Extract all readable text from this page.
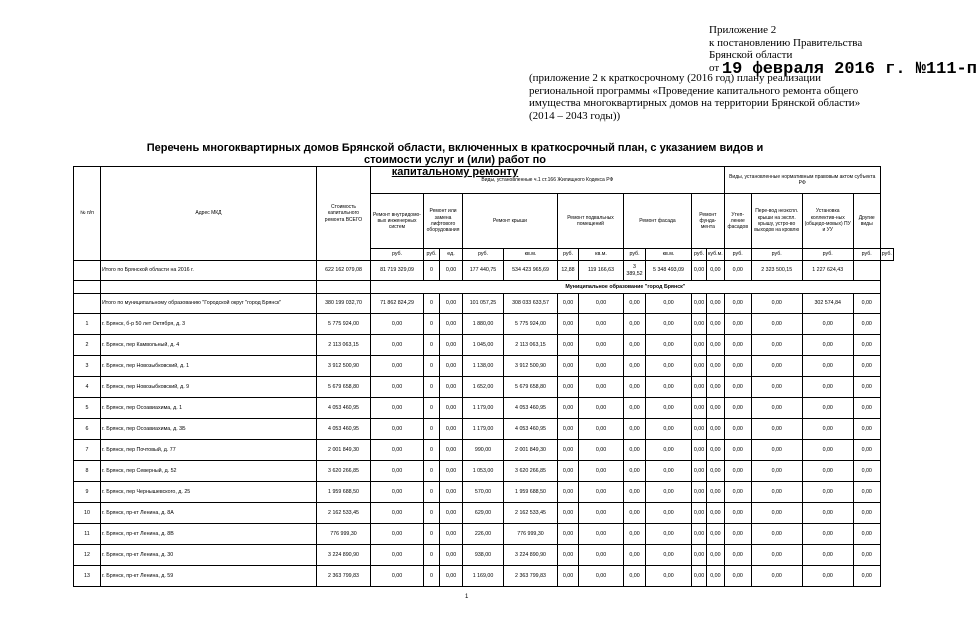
Приложение 2
к постановлению Правительства
Брянской области
от 19 февраля 2016 г. №111-п
(приложение 2 к краткосрочному (2016 год) плану реализации
региональной программы «Проведение капитального ремонта общего
имущества многоквартирных домов на территории Брянской области»
(2014 – 2043 годы))
Перечень многоквартирных домов Брянской области, включенных в краткосрочный план, с указанием видов и стоимости услуг и (или) работ по
капитальному ремонту
№ п/п	Адрес МКД	Стоимость капитального ремонта ВСЕГО	Виды, установленные ч.1 ст.166 Жилищного Кодекса РФ											Виды, установленные нормативным правовым актом субъекта РФ				
			Ремонт внутридомо-вых инженерных систем	Ремонт или замена лифтового оборудования		Ремонт крыши		Ремонт подвальных помещений		Ремонт фасада		Ремонт фунда-мента		Утеп-ление фасадов	Пере-вод неэкспл. крыши на экспл. крышу, устро-во выходов на кровлю	Установка коллектив-ных (общедо-мовых) ПУ и УУ	Другие виды	
			руб.	руб.	ед.	руб.	кв.м.	руб.	кв.м.	руб.	кв.м.	руб.	куб.м.	руб.	руб.	руб.	руб.	руб.
	Итого по Брянской области на 2016 г.	622 162 079,08	81 719 329,09	0	0,00	177 440,75	534 423 965,69	12,88	119 166,63	3 389,52	5 348 493,09	0,00	0,00	0,00	2 323 500,15	1 227 624,43		
			Муниципальное образование "город Брянск"															
	Итого по муниципальному образованию "Городской округ "город Брянск"	380 199 032,70	71 862 824,29	0	0,00	101 057,25	308 033 633,57	0,00	0,00	0,00	0,00	0,00	0,00	0,00	0,00	302 574,84	0,00	
1	г. Брянск, б-р 50 лет Октября, д. 3	5 775 924,00	0,00	0	0,00	1 880,00	5 775 924,00	0,00	0,00	0,00	0,00	0,00	0,00	0,00	0,00	0,00	0,00	
2	г. Брянск, пер Камвольный, д. 4	2 113 063,15	0,00	0	0,00	1 045,00	2 113 063,15	0,00	0,00	0,00	0,00	0,00	0,00	0,00	0,00	0,00	0,00	
3	г. Брянск, пер Новозыбковский, д. 1	3 912 500,90	0,00	0	0,00	1 138,00	3 912 500,90	0,00	0,00	0,00	0,00	0,00	0,00	0,00	0,00	0,00	0,00	
4	г. Брянск, пер Новозыбковский, д. 9	5 679 658,80	0,00	0	0,00	1 652,00	5 679 658,80	0,00	0,00	0,00	0,00	0,00	0,00	0,00	0,00	0,00	0,00	
5	г. Брянск, пер Осоавиахима, д. 1	4 053 460,95	0,00	0	0,00	1 179,00	4 053 460,95	0,00	0,00	0,00	0,00	0,00	0,00	0,00	0,00	0,00	0,00	
6	г. Брянск, пер Осоавиахима, д. 3Б	4 053 460,95	0,00	0	0,00	1 179,00	4 053 460,95	0,00	0,00	0,00	0,00	0,00	0,00	0,00	0,00	0,00	0,00	
7	г. Брянск, пер Почтовый, д. 77	2 001 849,30	0,00	0	0,00	990,00	2 001 849,30	0,00	0,00	0,00	0,00	0,00	0,00	0,00	0,00	0,00	0,00	
8	г. Брянск, пер Северный, д. 52	3 620 266,85	0,00	0	0,00	1 053,00	3 620 266,85	0,00	0,00	0,00	0,00	0,00	0,00	0,00	0,00	0,00	0,00	
9	г. Брянск, пер Чернышевского, д. 25	1 959 688,50	0,00	0	0,00	570,00	1 959 688,50	0,00	0,00	0,00	0,00	0,00	0,00	0,00	0,00	0,00	0,00	
10	г. Брянск, пр-кт Ленина, д. 8А	2 162 533,45	0,00	0	0,00	629,00	2 162 533,45	0,00	0,00	0,00	0,00	0,00	0,00	0,00	0,00	0,00	0,00	
11	г. Брянск, пр-кт Ленина, д. 8В	776 999,30	0,00	0	0,00	226,00	776 999,30	0,00	0,00	0,00	0,00	0,00	0,00	0,00	0,00	0,00	0,00	
12	г. Брянск, пр-кт Ленина, д. 30	3 224 890,90	0,00	0	0,00	938,00	3 224 890,90	0,00	0,00	0,00	0,00	0,00	0,00	0,00	0,00	0,00	0,00	
13	г. Брянск, пр-кт Ленина, д. 59	2 363 799,83	0,00	0	0,00	1 169,00	2 363 799,83	0,00	0,00	0,00	0,00	0,00	0,00	0,00	0,00	0,00	0,00	
1
